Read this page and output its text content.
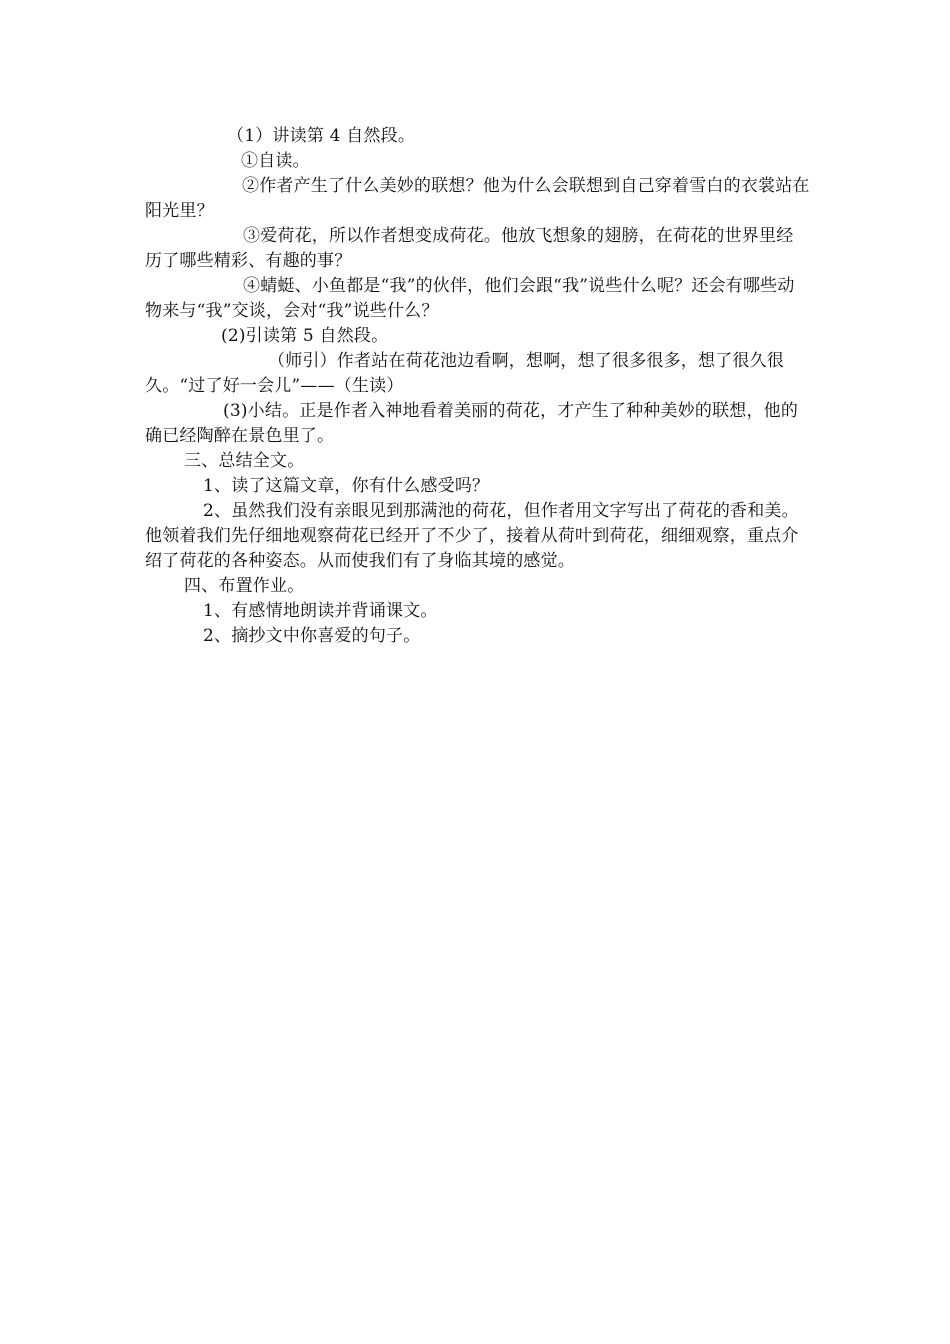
（1）讲读第 4 自然段。

①自读。

②作者产生了什么美妙的联想？他为什么会联想到自己穿着雪白的衣裳站在阳光里？

③爱荷花，所以作者想变成荷花。他放飞想象的翅膀，在荷花的世界里经历了哪些精彩、有趣的事？

④蜻蜓、小鱼都是“我”的伙伴，他们会跟“我”说些什么呢？还会有哪些动物来与“我”交谈，会对“我”说些什么？

(2)引读第 5 自然段。

（师引）作者站在荷花池边看啊，想啊，想了很多很多，想了很久很久。“过了好一会儿”——（生读）

(3)小结。正是作者入神地看着美丽的荷花，才产生了种种美妙的联想，他的确已经陶醉在景色里了。

三、总结全文。

1、读了这篇文章，你有什么感受吗？

2、虽然我们没有亲眼见到那满池的荷花，但作者用文字写出了荷花的香和美。他领着我们先仔细地观察荷花已经开了不少了，接着从荷叶到荷花，细细观察，重点介绍了荷花的各种姿态。从而使我们有了身临其境的感觉。

四、布置作业。

1、有感情地朗读并背诵课文。

2、摘抄文中你喜爱的句子。
